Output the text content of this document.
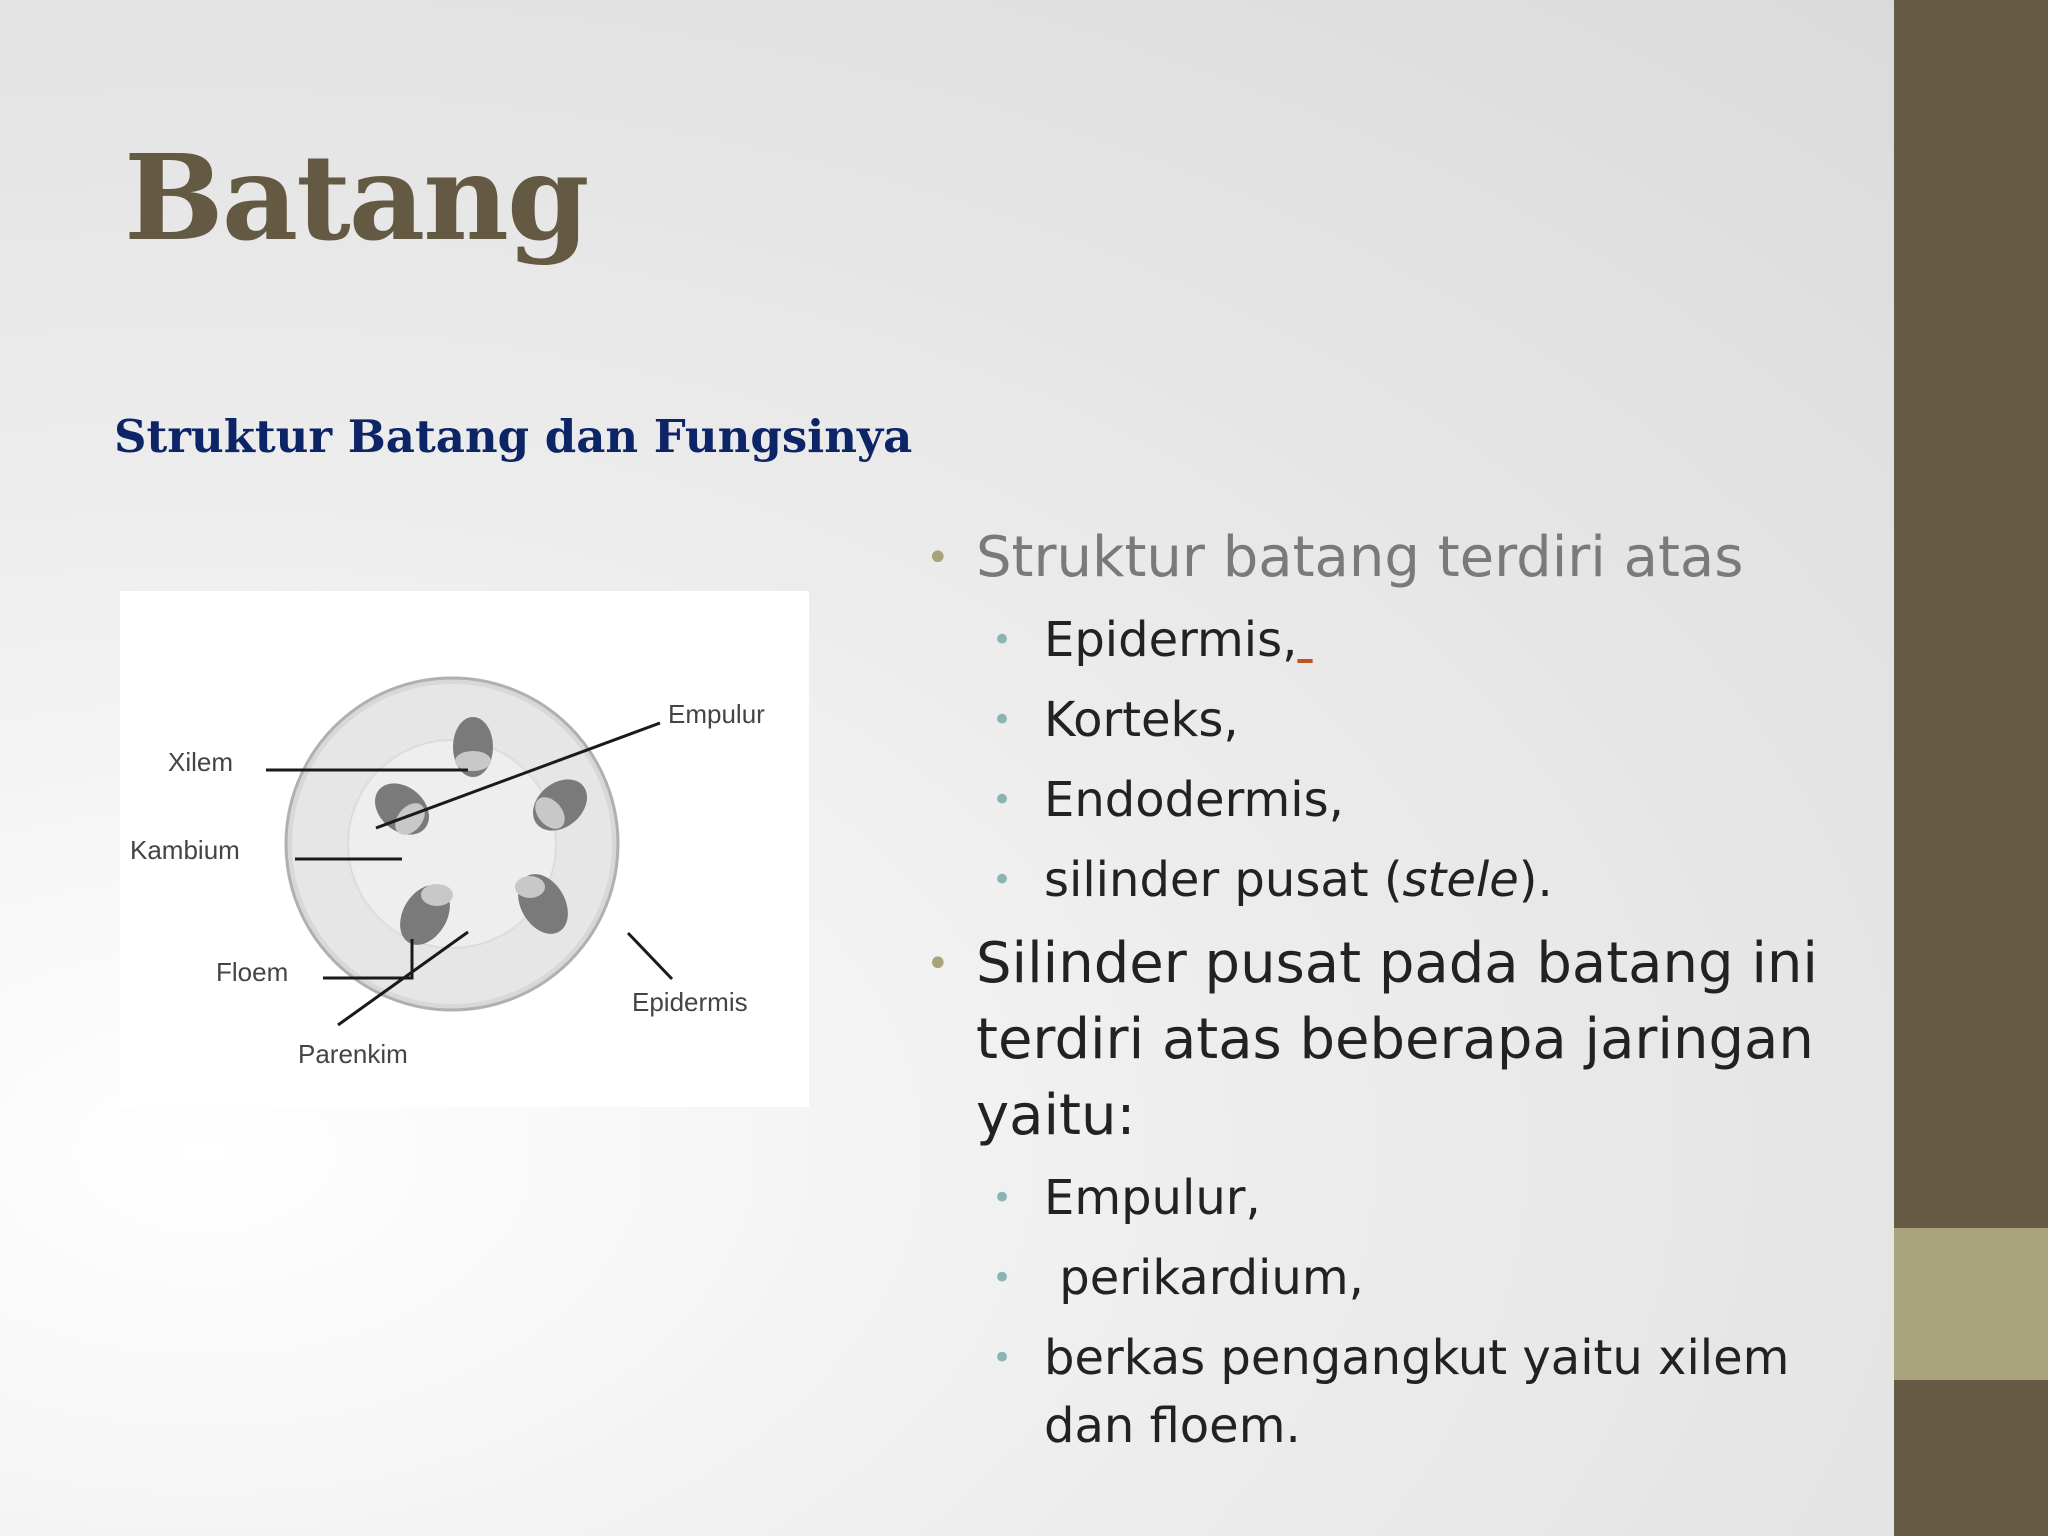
Batang
Struktur Batang dan Fungsinya
Xilem
Kambium
Floem
Parenkim
Empulur
Epidermis
• Struktur batang terdiri atas
• Epidermis,
• Korteks,
• Endodermis,
• silinder pusat (stele).
• Silinder pusat pada batang ini terdiri atas beberapa jaringan yaitu:
• Empulur,
•  perikardium,
• berkas pengangkut yaitu xilem dan floem.
